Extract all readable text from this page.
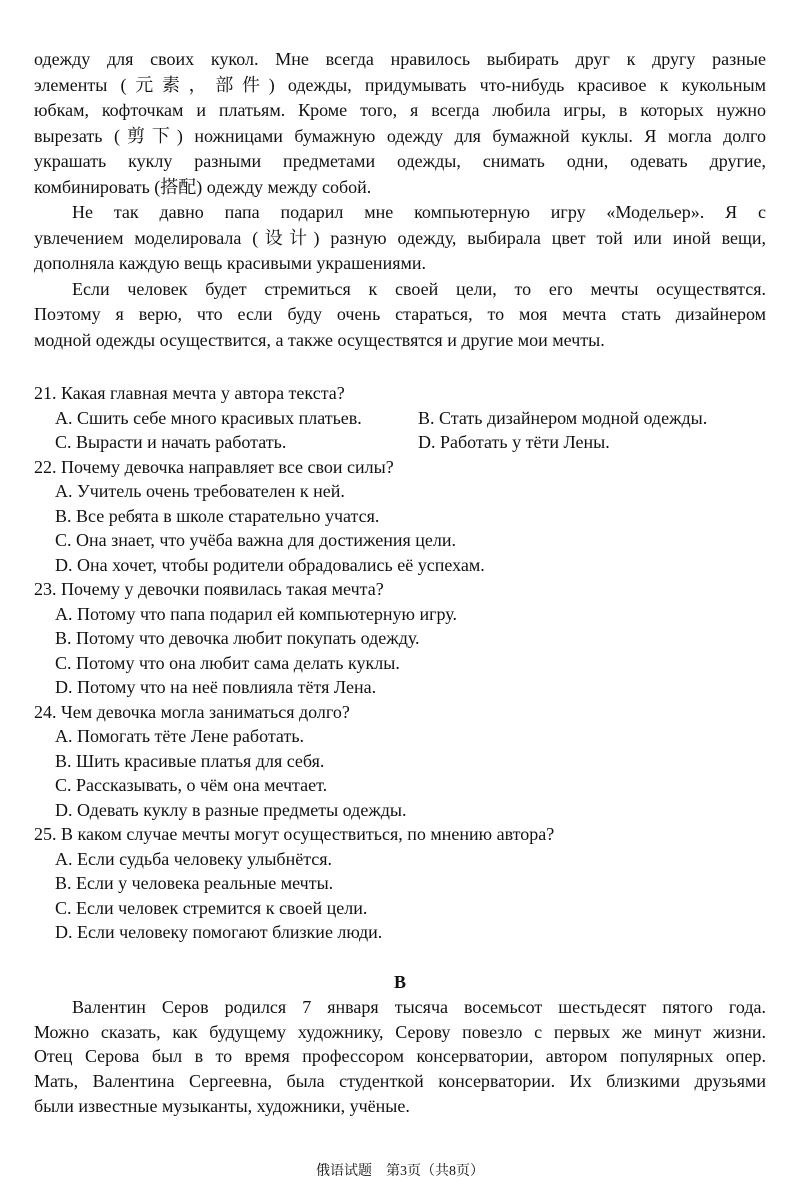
одежду для своих кукол. Мне всегда нравилось выбирать друг к другу разные
элементы (元素，部件) одежды, придумывать что-нибудь красивое к кукольным
юбкам, кофточкам и платьям. Кроме того, я всегда любила игры, в которых нужно
вырезать (剪下) ножницами бумажную одежду для бумажной куклы. Я могла долго
украшать куклу разными предметами одежды, снимать одни, одевать другие,
комбинировать (搭配) одежду между собой.
Не так давно папа подарил мне компьютерную игру «Модельер». Я с
увлечением моделировала (设计) разную одежду, выбирала цвет той или иной вещи,
дополняла каждую вещь красивыми украшениями.
Если человек будет стремиться к своей цели, то его мечты осуществятся.
Поэтому я верю, что если буду очень стараться, то моя мечта стать дизайнером
модной одежды осуществится, а также осуществятся и другие мои мечты.
21. Какая главная мечта у автора текста?
A. Сшить себе много красивых платьев.	B. Стать дизайнером модной одежды.
C. Вырасти и начать работать.	D. Работать у тёти Лены.
22. Почему девочка направляет все свои силы?
A. Учитель очень требователен к ней.
B. Все ребята в школе старательно учатся.
C. Она знает, что учёба важна для достижения цели.
D. Она хочет, чтобы родители обрадовались её успехам.
23. Почему у девочки появилась такая мечта?
A. Потому что папа подарил ей компьютерную игру.
B. Потому что девочка любит покупать одежду.
C. Потому что она любит сама делать куклы.
D. Потому что на неё повлияла тётя Лена.
24. Чем девочка могла заниматься долго?
A. Помогать тёте Лене работать.
B. Шить красивые платья для себя.
C. Рассказывать, о чём она мечтает.
D. Одевать куклу в разные предметы одежды.
25. В каком случае мечты могут осуществиться, по мнению автора?
A. Если судьба человеку улыбнётся.
B. Если у человека реальные мечты.
C. Если человек стремится к своей цели.
D. Если человеку помогают близкие люди.
B
Валентин Серов родился 7 января тысяча восемьсот шестьдесят пятого года.
Можно сказать, как будущему художнику, Серову повезло с первых же минут жизни.
Отец Серова был в то время профессором консерватории, автором популярных опер.
Мать, Валентина Сергеевна, была студенткой консерватории. Их близкими друзьями
были известные музыканты, художники, учёные.
俄语试题　第3页（共8页）
